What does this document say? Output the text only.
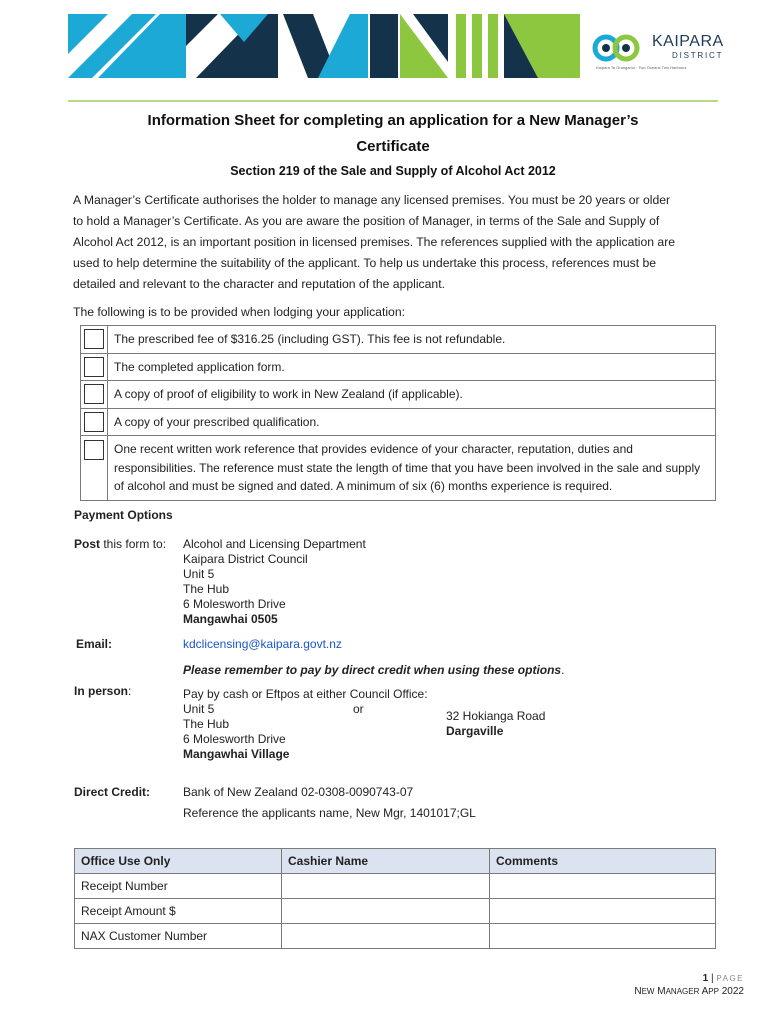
KAIPARA
DISTRICT
Kaipara Te Oranganui · Two Oceans Two Harbours
Information Sheet for completing an application for a New Manager’s
Certificate
Section 219 of the Sale and Supply of Alcohol Act 2012
A Manager’s Certificate authorises the holder to manage any licensed premises. You must be 20 years or older
to hold a Manager’s Certificate. As you are aware the position of Manager, in terms of the Sale and Supply of
Alcohol Act 2012, is an important position in licensed premises. The references supplied with the application are
used to help determine the suitability of the applicant. To help us undertake this process, references must be
detailed and relevant to the character and reputation of the applicant.
The following is to be provided when lodging your application:
	The prescribed fee of $316.25 (including GST). This fee is not refundable.
	The completed application form.
	A copy of proof of eligibility to work in New Zealand (if applicable).
	A copy of your prescribed qualification.
	One recent written work reference that provides evidence of your character, reputation, duties and responsibilities. The reference must state the length of time that you have been involved in the sale and supply of alcohol and must be signed and dated. A minimum of six (6) months experience is required.
Payment Options
Post this form to: Alcohol and Licensing Department
Kaipara District Council
Unit 5
The Hub
6 Molesworth Drive
Mangawhai 0505
Email:	kdclicensing@kaipara.govt.nz
Please remember to pay by direct credit when using these options.
In person:	Pay by cash or Eftpos at either Council Office:
Unit 5
The Hub
6 Molesworth Drive
Mangawhai Village
or	32 Hokianga Road
Dargaville
Direct Credit:	Bank of New Zealand 02-0308-0090743-07
Reference the applicants name, New Mgr, 1401017;GL
Office Use Only	Cashier Name	Comments
Receipt Number		
Receipt Amount $		
NAX Customer Number		
1 | PAGE
NEW MANAGER APP 2022
